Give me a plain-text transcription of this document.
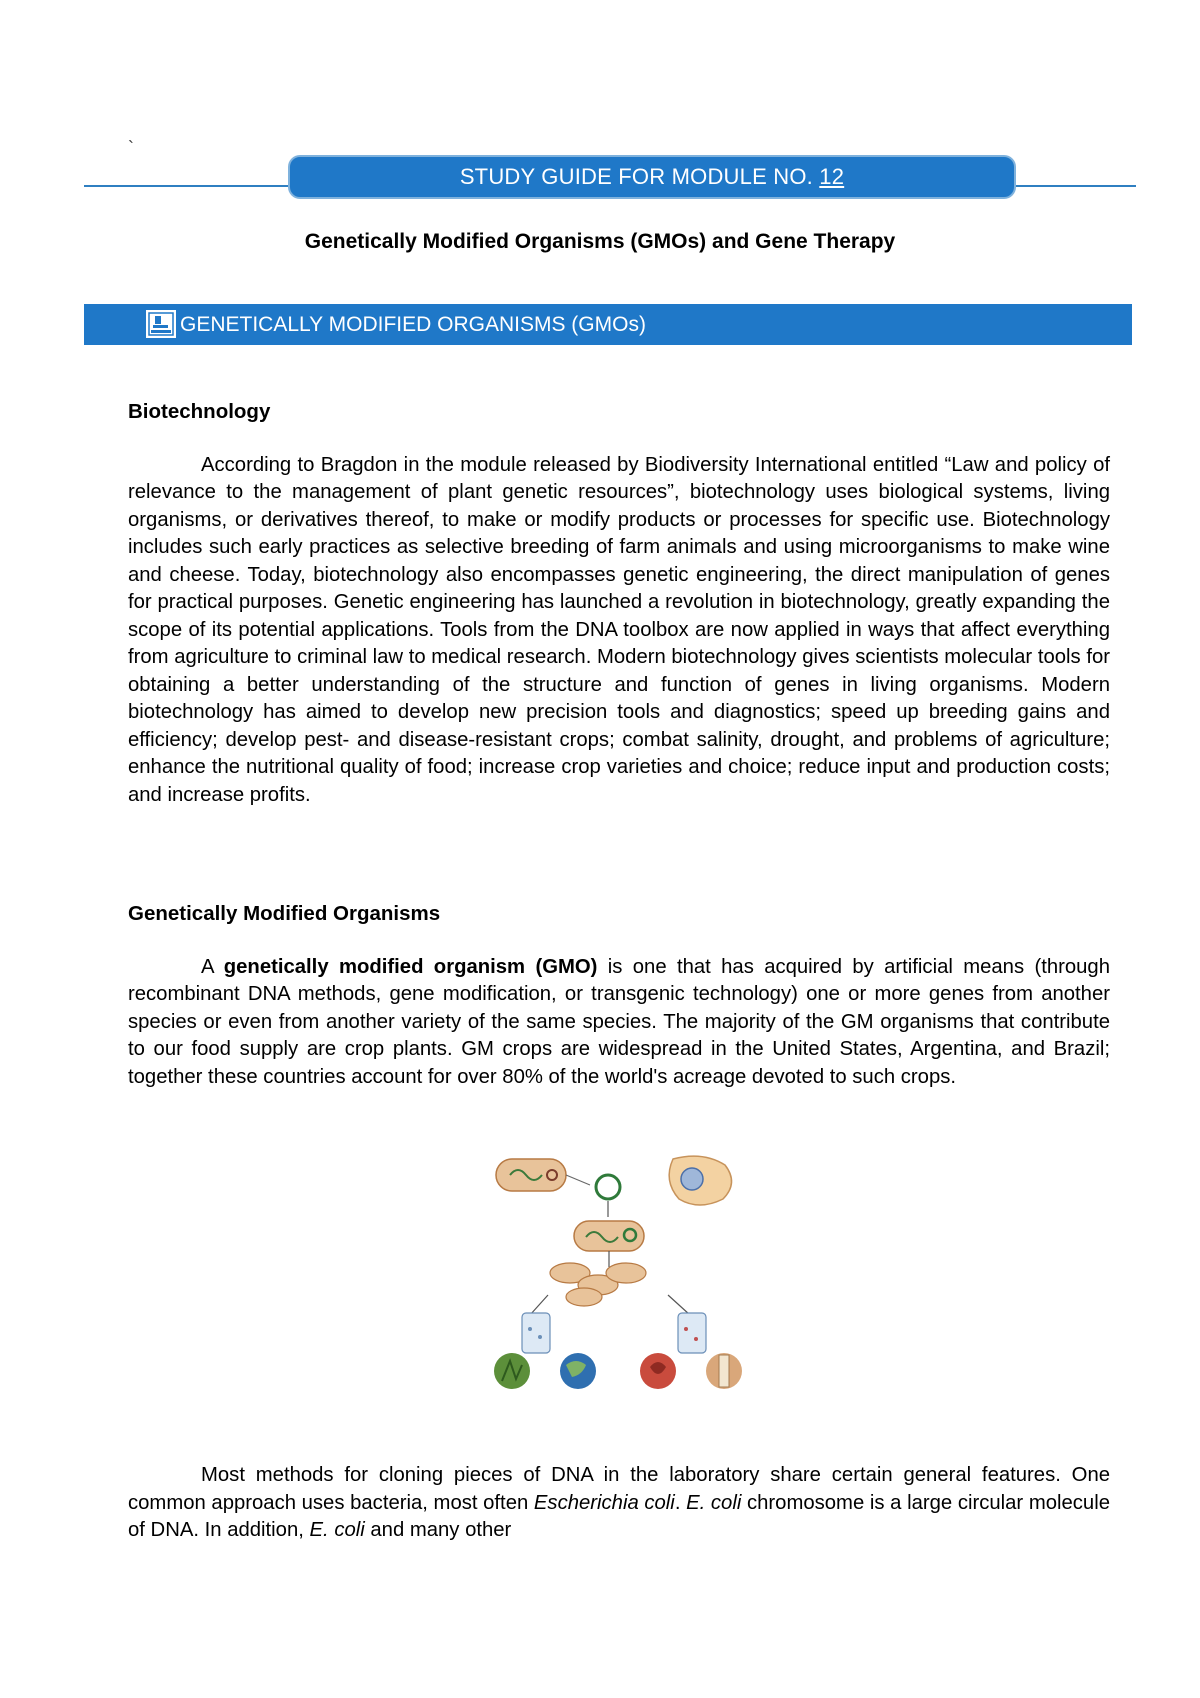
`
STUDY GUIDE FOR MODULE NO. 12
Genetically Modified Organisms (GMOs) and Gene Therapy
GENETICALLY MODIFIED ORGANISMS (GMOs)
Biotechnology

According to Bragdon in the module released by Biodiversity International entitled “Law and policy of relevance to the management of plant genetic resources”, biotechnology uses biological systems, living organisms, or derivatives thereof, to make or modify products or processes for specific use. Biotechnology includes such early practices as selective breeding of farm animals and using microorganisms to make wine and cheese. Today, biotechnology also encompasses genetic engineering, the direct manipulation of genes for practical purposes. Genetic engineering has launched a revolution in biotechnology, greatly expanding the scope of its potential applications. Tools from the DNA toolbox are now applied in ways that affect everything from agriculture to criminal law to medical research. Modern biotechnology gives scientists molecular tools for obtaining a better understanding of the structure and function of genes in living organisms. Modern biotechnology has aimed to develop new precision tools and diagnostics; speed up breeding gains and efficiency; develop pest- and disease-resistant crops; combat salinity, drought, and problems of agriculture; enhance the nutritional quality of food; increase crop varieties and choice; reduce input and production costs; and increase profits.

Genetically Modified Organisms

A genetically modified organism (GMO) is one that has acquired by artificial means (through recombinant DNA methods, gene modification, or transgenic technology) one or more genes from another species or even from another variety of the same species. The majority of the GM organisms that contribute to our food supply are crop plants. GM crops are widespread in the United States, Argentina, and Brazil; together these countries account for over 80% of the world's acreage devoted to such crops.

Most methods for cloning pieces of DNA in the laboratory share certain general features. One common approach uses bacteria, most often Escherichia coli. E. coli chromosome is a large circular molecule of DNA. In addition, E. coli and many other
